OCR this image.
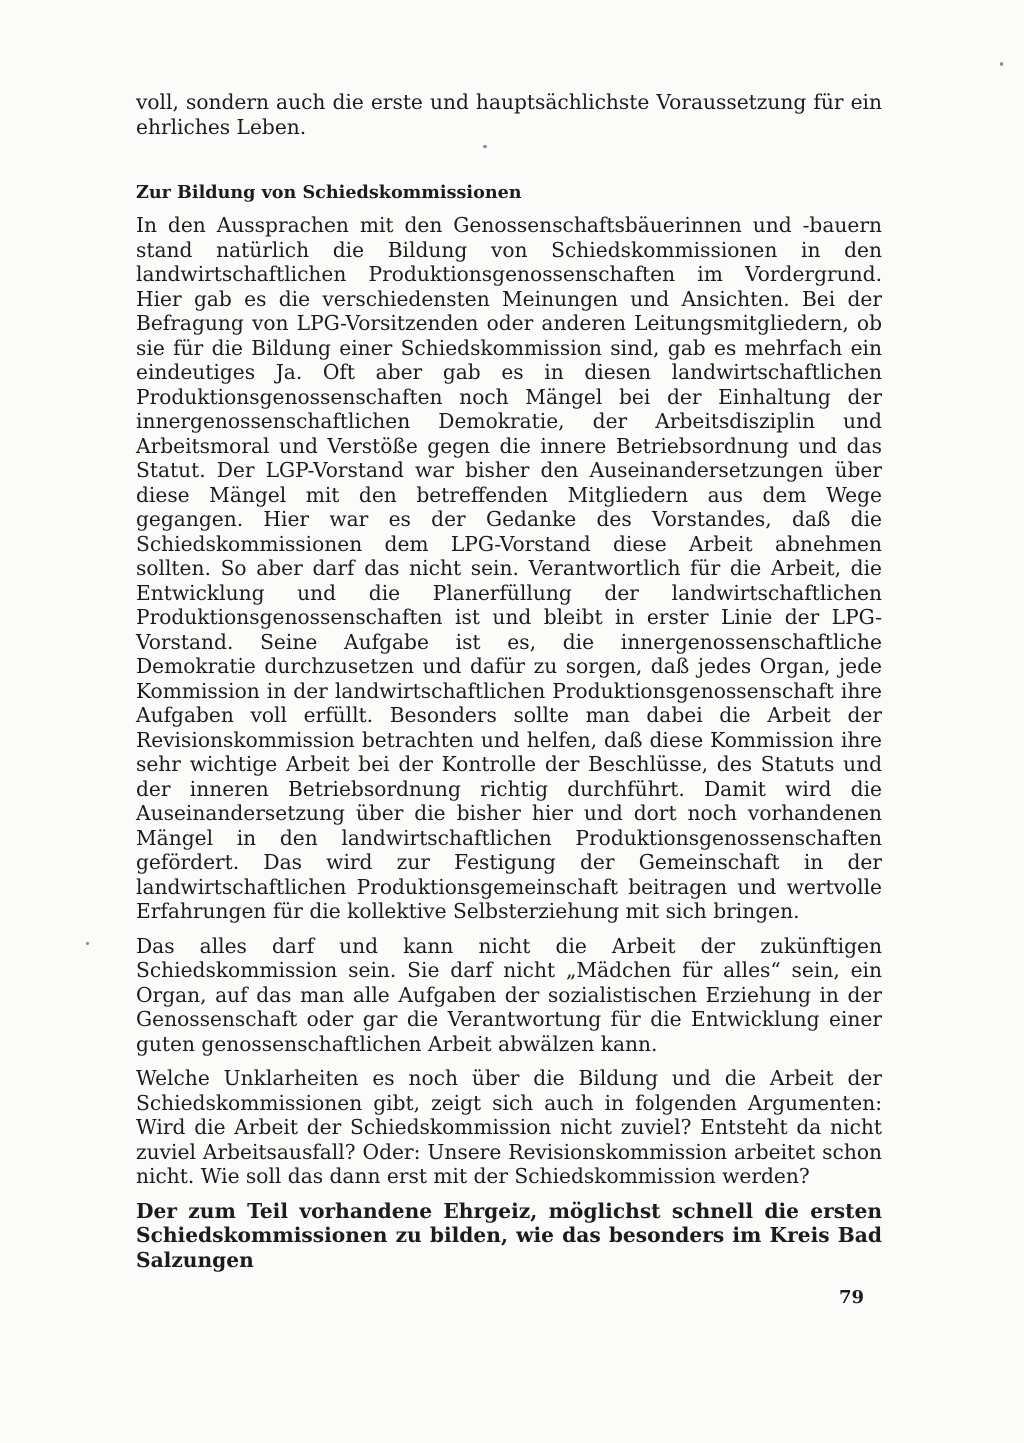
voll, sondern auch die erste und hauptsächlichste Voraussetzung für ein ehrliches Leben.

Zur Bildung von Schiedskommissionen

In den Aussprachen mit den Genossenschaftsbäuerinnen und -bauern stand natürlich die Bildung von Schiedskommissionen in den landwirtschaftlichen Produktionsgenossenschaften im Vordergrund. Hier gab es die verschiedensten Meinungen und Ansichten. Bei der Befragung von LPG-Vorsitzenden oder anderen Leitungsmitgliedern, ob sie für die Bildung einer Schiedskommission sind, gab es mehrfach ein eindeutiges Ja. Oft aber gab es in diesen landwirtschaftlichen Produktionsgenossenschaften noch Mängel bei der Einhaltung der innergenossenschaftlichen Demokratie, der Arbeitsdisziplin und Arbeitsmoral und Verstöße gegen die innere Betriebsordnung und das Statut. Der LGP-Vorstand war bisher den Auseinandersetzungen über diese Mängel mit den betreffenden Mitgliedern aus dem Wege gegangen. Hier war es der Gedanke des Vorstandes, daß die Schiedskommissionen dem LPG-Vorstand diese Arbeit abnehmen sollten. So aber darf das nicht sein. Verantwortlich für die Arbeit, die Entwicklung und die Planerfüllung der landwirtschaftlichen Produktionsgenossenschaften ist und bleibt in erster Linie der LPG-Vorstand. Seine Aufgabe ist es, die innergenossenschaftliche Demokratie durchzusetzen und dafür zu sorgen, daß jedes Organ, jede Kommission in der landwirtschaftlichen Produktionsgenossenschaft ihre Aufgaben voll erfüllt. Besonders sollte man dabei die Arbeit der Revisionskommission betrachten und helfen, daß diese Kommission ihre sehr wichtige Arbeit bei der Kontrolle der Beschlüsse, des Statuts und der inneren Betriebsordnung richtig durchführt. Damit wird die Auseinandersetzung über die bisher hier und dort noch vorhandenen Mängel in den landwirtschaftlichen Produktionsgenossenschaften gefördert. Das wird zur Festigung der Gemeinschaft in der landwirtschaftlichen Produktionsgemeinschaft beitragen und wertvolle Erfahrungen für die kollektive Selbsterziehung mit sich bringen.

Das alles darf und kann nicht die Arbeit der zukünftigen Schiedskommission sein. Sie darf nicht „Mädchen für alles“ sein, ein Organ, auf das man alle Aufgaben der sozialistischen Erziehung in der Genossenschaft oder gar die Verantwortung für die Entwicklung einer guten genossenschaftlichen Arbeit abwälzen kann.

Welche Unklarheiten es noch über die Bildung und die Arbeit der Schiedskommissionen gibt, zeigt sich auch in folgenden Argumenten: Wird die Arbeit der Schiedskommission nicht zuviel? Entsteht da nicht zuviel Arbeitsausfall? Oder: Unsere Revisionskommission arbeitet schon nicht. Wie soll das dann erst mit der Schiedskommission werden?

Der zum Teil vorhandene Ehrgeiz, möglichst schnell die ersten Schiedskommissionen zu bilden, wie das besonders im Kreis Bad Salzungen

79
